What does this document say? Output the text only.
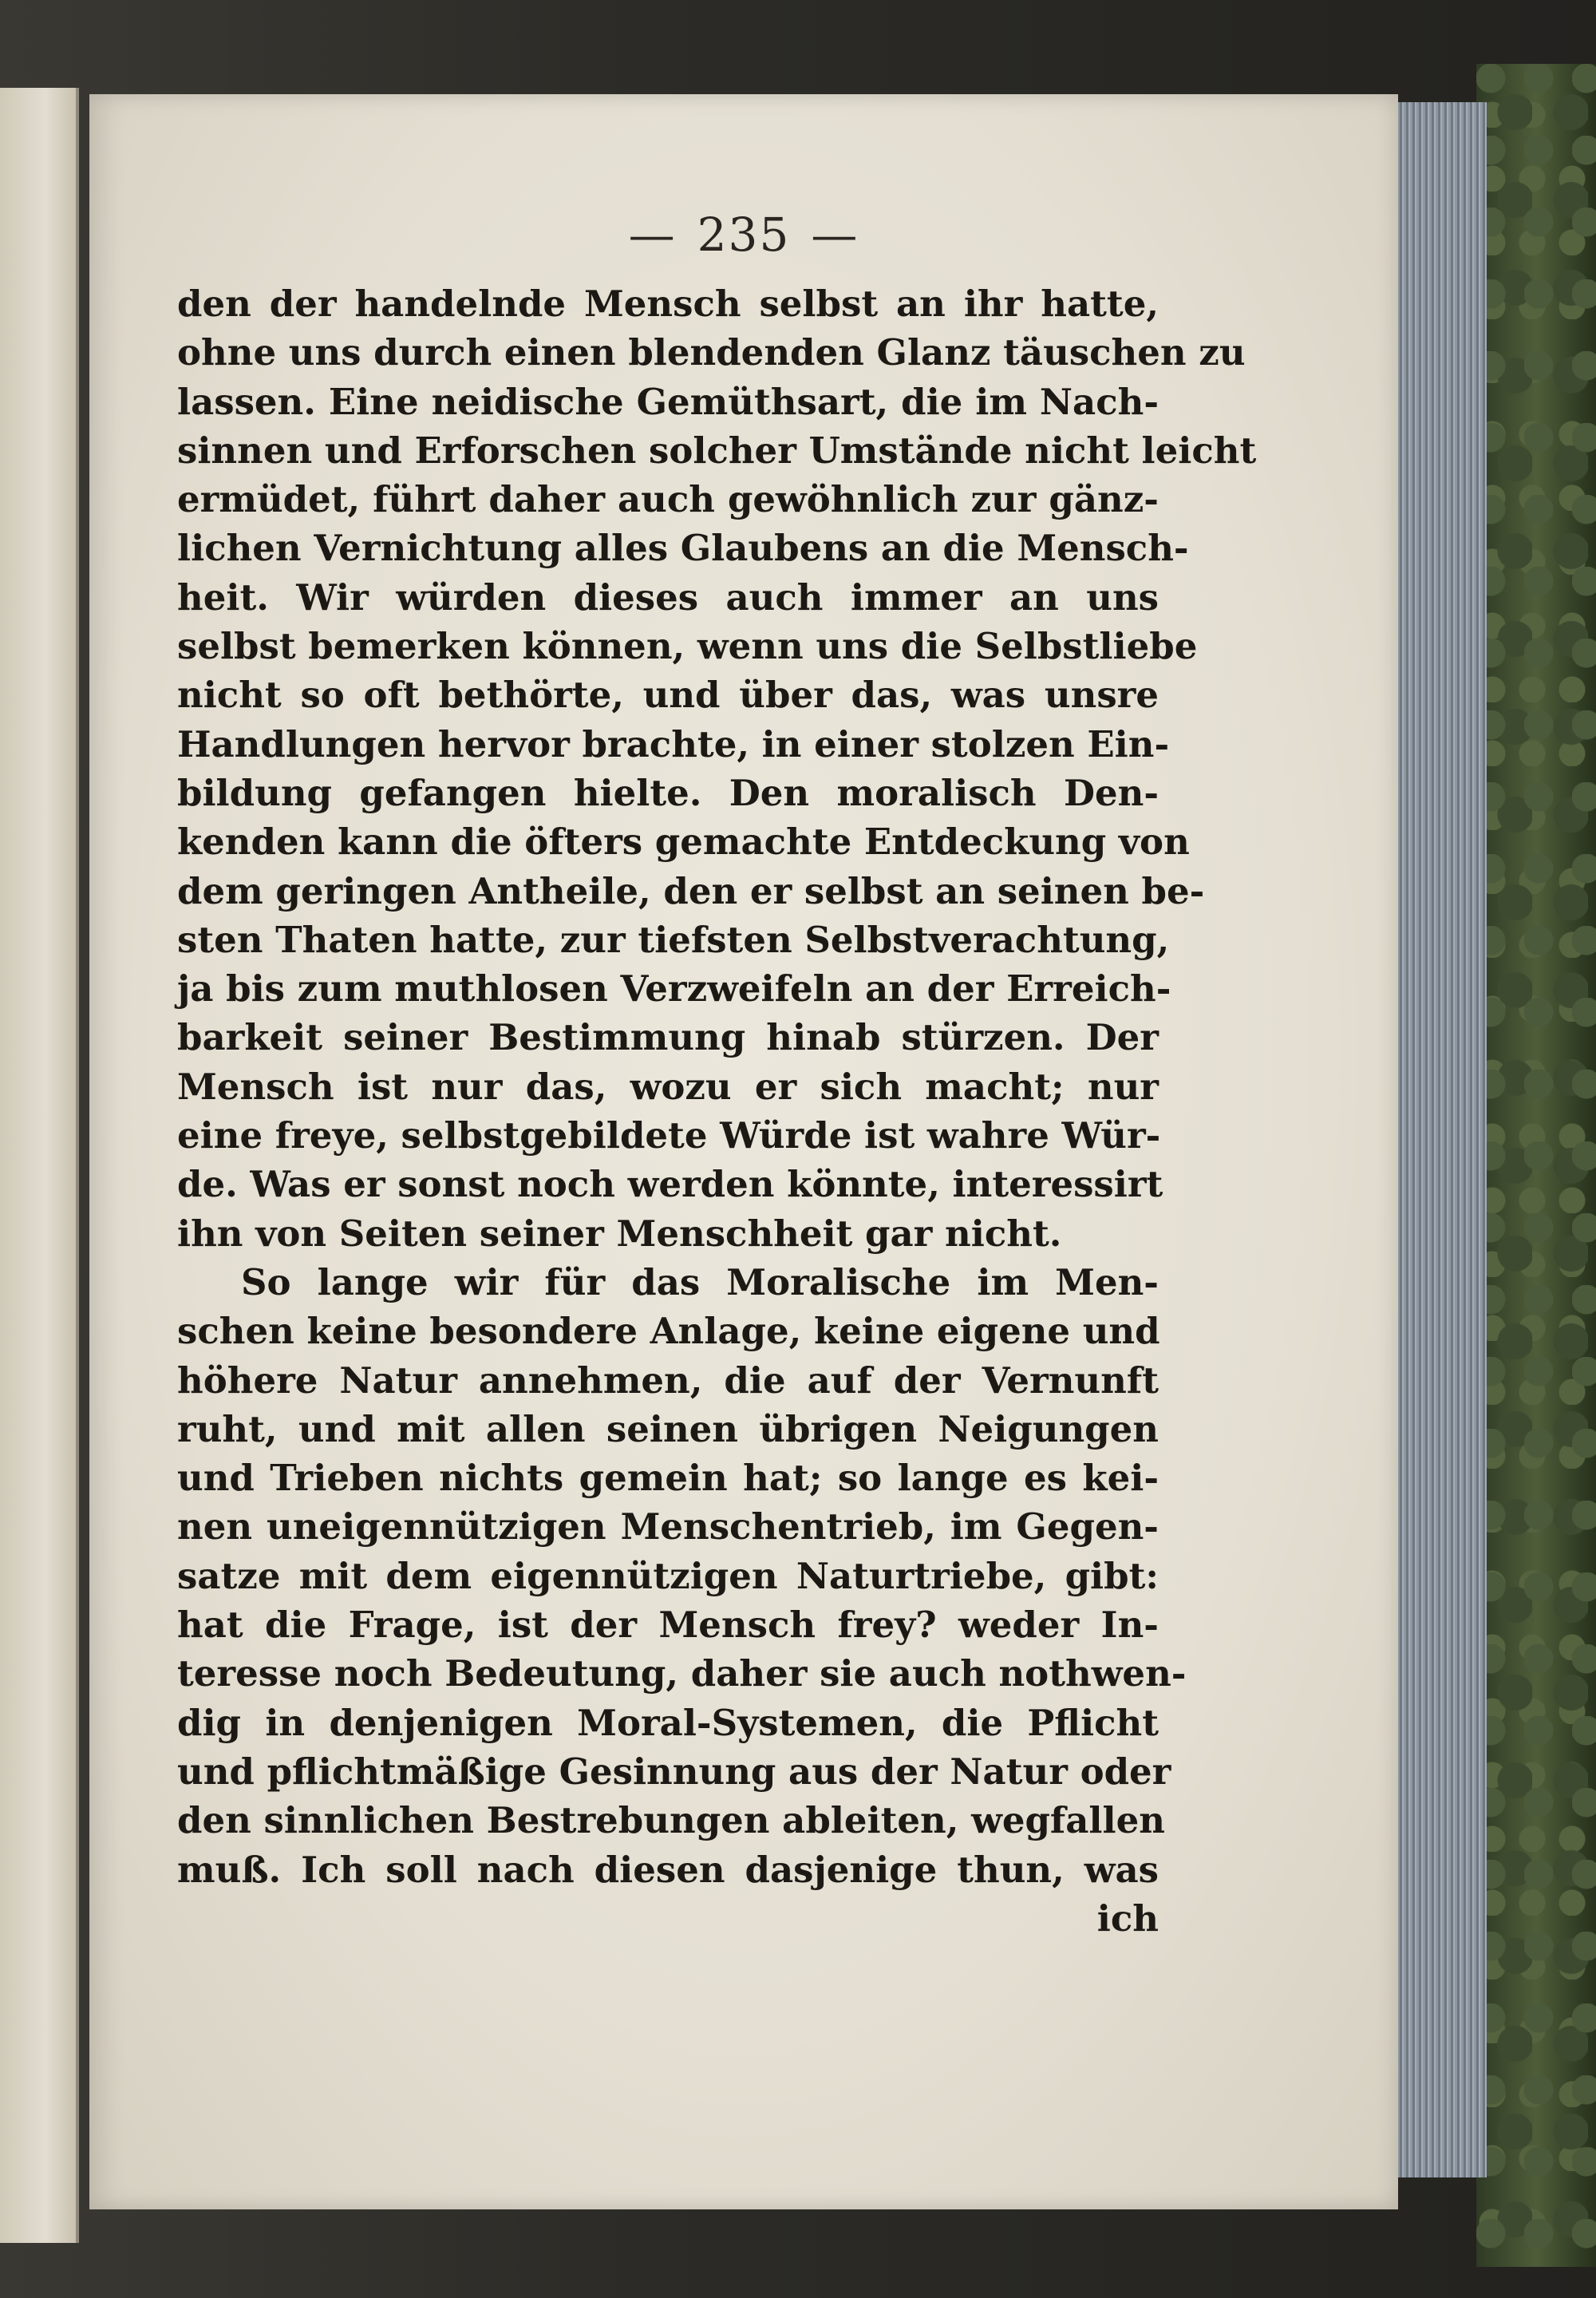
— 235 —
den der handelnde Mensch selbst an ihr hatte,
ohne uns durch einen blendenden Glanz täuschen zu
lassen. Eine neidische Gemüthsart, die im Nach-
sinnen und Erforschen solcher Umstände nicht leicht
ermüdet, führt daher auch gewöhnlich zur gänz-
lichen Vernichtung alles Glaubens an die Mensch-
heit. Wir würden dieses auch immer an uns
selbst bemerken können, wenn uns die Selbstliebe
nicht so oft bethörte, und über das, was unsre
Handlungen hervor brachte, in einer stolzen Ein-
bildung gefangen hielte. Den moralisch Den-
kenden kann die öfters gemachte Entdeckung von
dem geringen Antheile, den er selbst an seinen be-
sten Thaten hatte, zur tiefsten Selbstverachtung,
ja bis zum muthlosen Verzweifeln an der Erreich-
barkeit seiner Bestimmung hinab stürzen. Der
Mensch ist nur das, wozu er sich macht; nur
eine freye, selbstgebildete Würde ist wahre Wür-
de. Was er sonst noch werden könnte, interessirt
ihn von Seiten seiner Menschheit gar nicht.
So lange wir für das Moralische im Men-
schen keine besondere Anlage, keine eigene und
höhere Natur annehmen, die auf der Vernunft
ruht, und mit allen seinen übrigen Neigungen
und Trieben nichts gemein hat; so lange es kei-
nen uneigennützigen Menschentrieb, im Gegen-
satze mit dem eigennützigen Naturtriebe, gibt:
hat die Frage, ist der Mensch frey? weder In-
teresse noch Bedeutung, daher sie auch nothwen-
dig in denjenigen Moral-Systemen, die Pflicht
und pflichtmäßige Gesinnung aus der Natur oder
den sinnlichen Bestrebungen ableiten, wegfallen
muß. Ich soll nach diesen dasjenige thun, was
ich
